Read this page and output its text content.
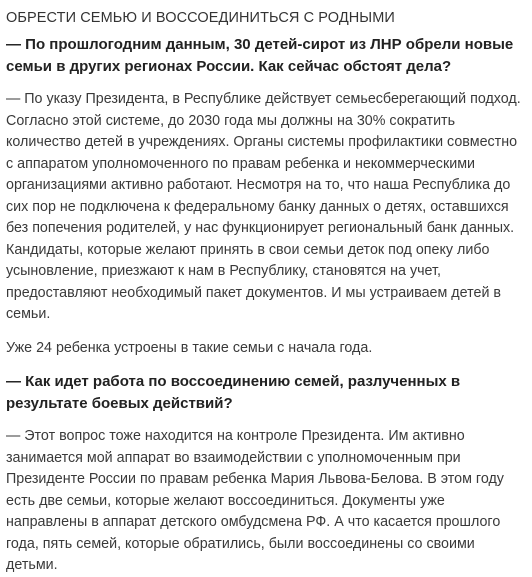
ОБРЕСТИ СЕМЬЮ И ВОССОЕДИНИТЬСЯ С РОДНЫМИ

— По прошлогодним данным, 30 детей-сирот из ЛНР обрели новые семьи в других регионах России. Как сейчас обстоят дела?

— По указу Президента, в Республике действует семьесберегающий подход. Согласно этой системе, до 2030 года мы должны на 30% сократить количество детей в учреждениях. Органы системы профилактики совместно с аппаратом уполномоченного по правам ребенка и некоммерческими организациями активно работают. Несмотря на то, что наша Республика до сих пор не подключена к федеральному банку данных о детях, оставшихся без попечения родителей, у нас функционирует региональный банк данных. Кандидаты, которые желают принять в свои семьи деток под опеку либо усыновление, приезжают к нам в Республику, становятся на учет, предоставляют необходимый пакет документов. И мы устраиваем детей в семьи.

Уже 24 ребенка устроены в такие семьи с начала года.

— Как идет работа по воссоединению семей, разлученных в результате боевых действий?

— Этот вопрос тоже находится на контроле Президента. Им активно занимается мой аппарат во взаимодействии с уполномоченным при Президенте России по правам ребенка Мария Львова-Белова. В этом году есть две семьи, которые желают воссоединиться. Документы уже направлены в аппарат детского омбудсмена РФ. А что касается прошлого года, пять семей, которые обратились, были воссоединены со своими детьми.
